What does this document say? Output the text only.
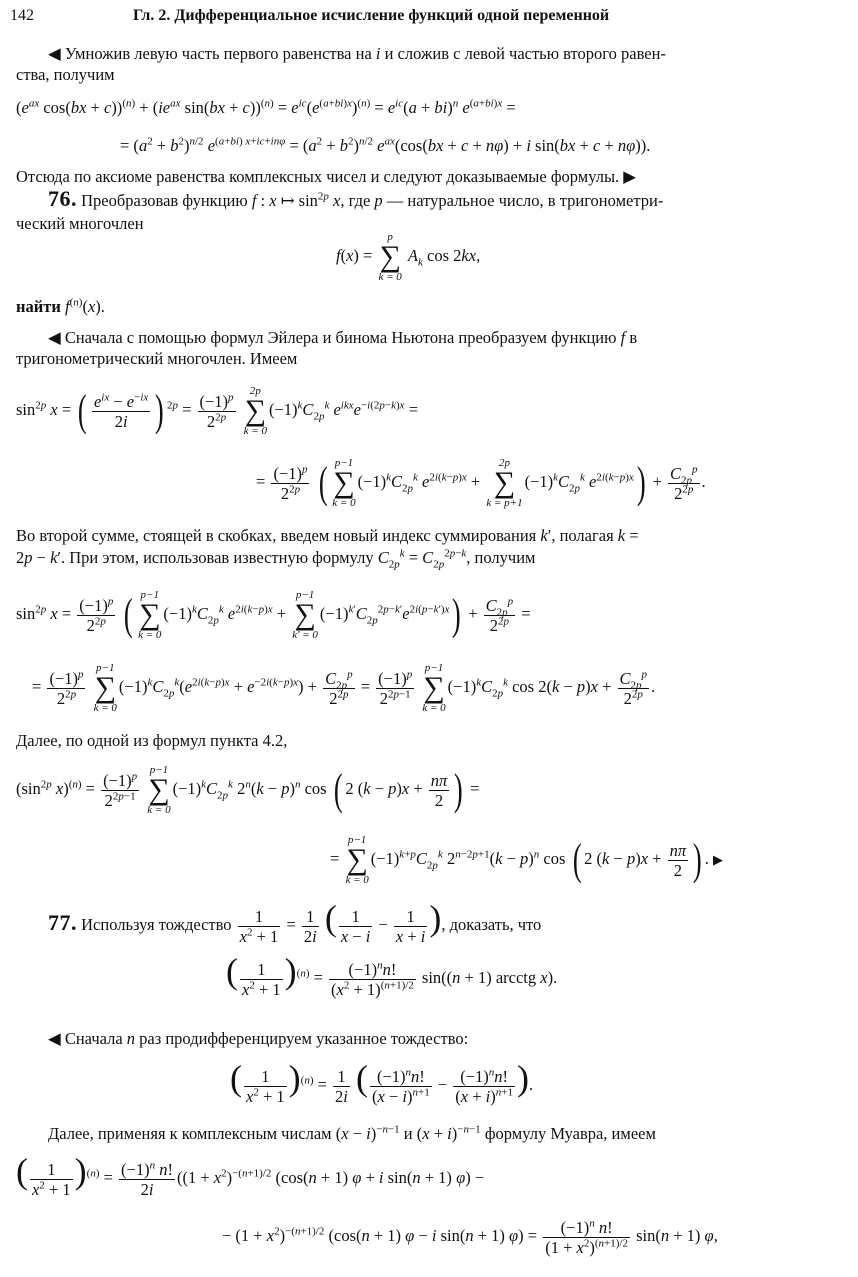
142	Гл. 2. Дифференциальное исчисление функций одной переменной
◀ Умножив левую часть первого равенства на i и сложив с левой частью второго равен-
ства, получим
($e^{ax}$ $\cos(bx + c))^{(n)} + (ie^{ax}$ $\sin(bx + c))^{(n)} = e^{ic}(e^{(a+bi)x})^{(n)} = e^{ic}(a + bi)^n$ $e^{(a+bi)x}$ =
= $(a^2 + b^2)^{n/2}$ $e^{(a+bi) x+ic+in\varphi} = (a^2 + b^2)^{n/2}$ $e^{ax}(\cos(bx + c + n\varphi) + i$ sin(bx + c + nφ)).
Отсюда по аксиоме равенства комплексных чисел и следуют доказываемые формулы. ▶
76. Преобразовав функцию f : x ↦ $\sin^{2p} x$, где p — натуральное число, в тригонометри-
ческий многочлен
f(x) =
p
∑
k = 0
$A_k$ cos 2kx,
найти $f^{(n)}(x)$.
◀ Сначала с помощью формул Эйлера и бинома Ньютона преобразуем функцию f в
тригонометрический многочлен. Имеем
$\sin^{2p} x$ = ( $\frac{e^{ix} - e^{-ix}}{2i}$ ) $^{2p} = \frac{(-1)^p}{2^{2p}}$

2p
∑
k = 0
$(-1)^kC_{2p}^k$ $e^{ikx}e^{-i(2p-k)x}$ =
= $\frac{(-1)^p}{2^{2p}}$ ( p−1
∑
k = 0
$(-1)^kC_{2p}^k$ $e^{2i(k-p)x}$ +
2p
∑
k = p+1
$(-1)^kC_{2p}^k$ $e^{2i(k-p)x}) + \frac{C_{2p}^p}{2^{2p}}$ .
Во второй сумме, стоящей в скобках, введем новый индекс суммирования k′, полагая k =
2p − k′. При этом, использовав известную формулу $C_{2p}^k = C_{2p}^{2p-k}$, получим
$\sin^{2p} x = \frac{(-1)^p}{2^{2p}}$ ( p−1
∑
k = 0
$(-1)^kC_{2p}^k$ $e^{2i(k-p)x}$ +
p−1
∑
k′ = 0
$(-1)^{k'}C_{2p}^{2p-k'}e^{2i(p-k')x}) + \frac{C_{2p}^p}{2^{2p}}$ =
= $\frac{(-1)^p}{2^{2p}}$

p−1
∑
k = 0
$(-1)^kC_{2p}^k(e^{2i(k-p)x} + e^{-2i(k-p)x}) + \frac{C_{2p}^p}{2^{2p}} = \frac{(-1)^p}{2^{2p-1}}$

p−1
∑
k = 0
$(-1)^kC_{2p}^k$ $\cos 2(k - p)x + \frac{C_{2p}^p}{2^{2p}}$ .
Далее, по одной из формул пункта 4.2,
($\sin^{2p}$ $x)^{(n)} = \frac{(-1)^p}{2^{2p-1}}$

p−1
∑
k = 0
$(-1)^kC_{2p}^k$ $2^n(k - p)^n$ cos ( 2 $(k - p)x + \frac{n\pi}{2}$ ) =
=
p−1
∑
k = 0
$(-1)^{k+p}C_{2p}^k$ $2^{n-2p+1}(k - p)^n$ cos ( 2 $(k - p)x + \frac{n\pi}{2}$ ) . ▶
77. Используя тождество $\frac{1}{x^2 + 1} = \frac{1}{2i}$ ( $\frac{1}{x - i} - \frac{1}{x + i}$ ), доказать, что
( $\frac{1}{x^2 + 1} )^{(n)} = \frac{(-1)^nn!}{(x^2 + 1)^{(n+1)/2}} \sin((n + 1)$ arcctg x).
◀ Сначала n раз продифференцируем указанное тождество:
( $\frac{1}{x^2 + 1} )^{(n)} = \frac{1}{2i}$ ( $\frac{(-1)^nn!}{(x - i)^{n+1}} - \frac{(-1)^nn!}{(x + i)^{n+1}}$ ).
Далее, применяя к комплексным числам $(x - i)^{-n-1}$ и $(x + i)^{-n-1}$ формулу Муавра, имеем
( $\frac{1}{x^2 + 1} )^{(n)} = \frac{(-1)^n n!}{2i} ((1 + x^2)^{-(n+1)/2}$ (cos(n + 1) φ + i sin(n + 1) φ) −
− $(1 + x^2)^{-(n+1)/2}$ (cos(n + 1) φ − i sin(n + 1) $\varphi) = \frac{(-1)^n n!}{(1 + x^2)^{(n+1)/2}} \sin(n + 1)$ φ,
